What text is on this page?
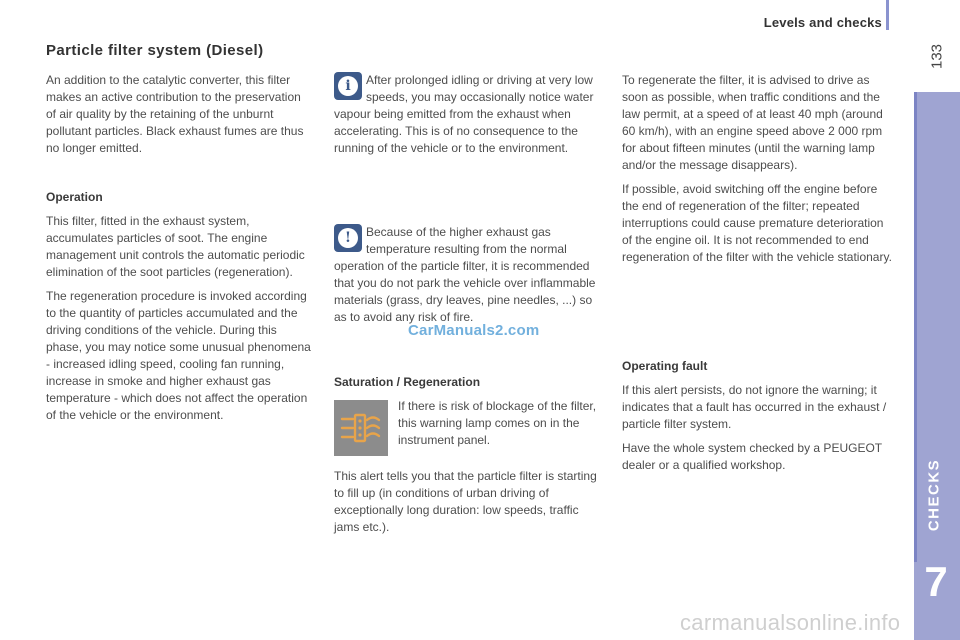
Levels and checks
133
CHECKS
7
Particle filter system (Diesel)

An addition to the catalytic converter, this filter makes an active contribution to the preservation of air quality by the retaining of the unburnt pollutant particles. Black exhaust fumes are thus no longer emitted.

Operation

This filter, fitted in the exhaust system, accumulates particles of soot. The engine management unit controls the automatic periodic elimination of the soot particles (regeneration).

The regeneration procedure is invoked according to the quantity of particles accumulated and the driving conditions of the vehicle. During this phase, you may notice some unusual phenomena - increased idling speed, cooling fan running, increase in smoke and higher exhaust gas temperature - which does not affect the operation of the vehicle or the environment.

i	After prolonged idling or driving at very low speeds, you may occasionally notice water vapour being emitted from the exhaust when accelerating. This is of no consequence to the running of the vehicle or to the environment.
!	Because of the higher exhaust gas temperature resulting from the normal operation of the particle filter, it is recommended that you do not park the vehicle over inflammable materials (grass, dry leaves, pine needles, ...) so as to avoid any risk of fire.

Saturation / Regeneration

If there is risk of blockage of the filter, this warning lamp comes on in the instrument panel.

This alert tells you that the particle filter is starting to fill up (in conditions of urban driving of exceptionally long duration: low speeds, traffic jams etc.).

To regenerate the filter, it is advised to drive as soon as possible, when traffic conditions and the law permit, at a speed of at least 40 mph (around 60 km/h), with an engine speed above 2 000 rpm for about fifteen minutes (until the warning lamp and/or the message disappears).

If possible, avoid switching off the engine before the end of regeneration of the filter; repeated interruptions could cause premature deterioration of the engine oil. It is not recommended to end regeneration of the filter with the vehicle stationary.

Operating fault

If this alert persists, do not ignore the warning; it indicates that a fault has occurred in the exhaust / particle filter system.

Have the whole system checked by a PEUGEOT dealer or a qualified workshop.

CarManuals2.com
carmanualsonline.info
